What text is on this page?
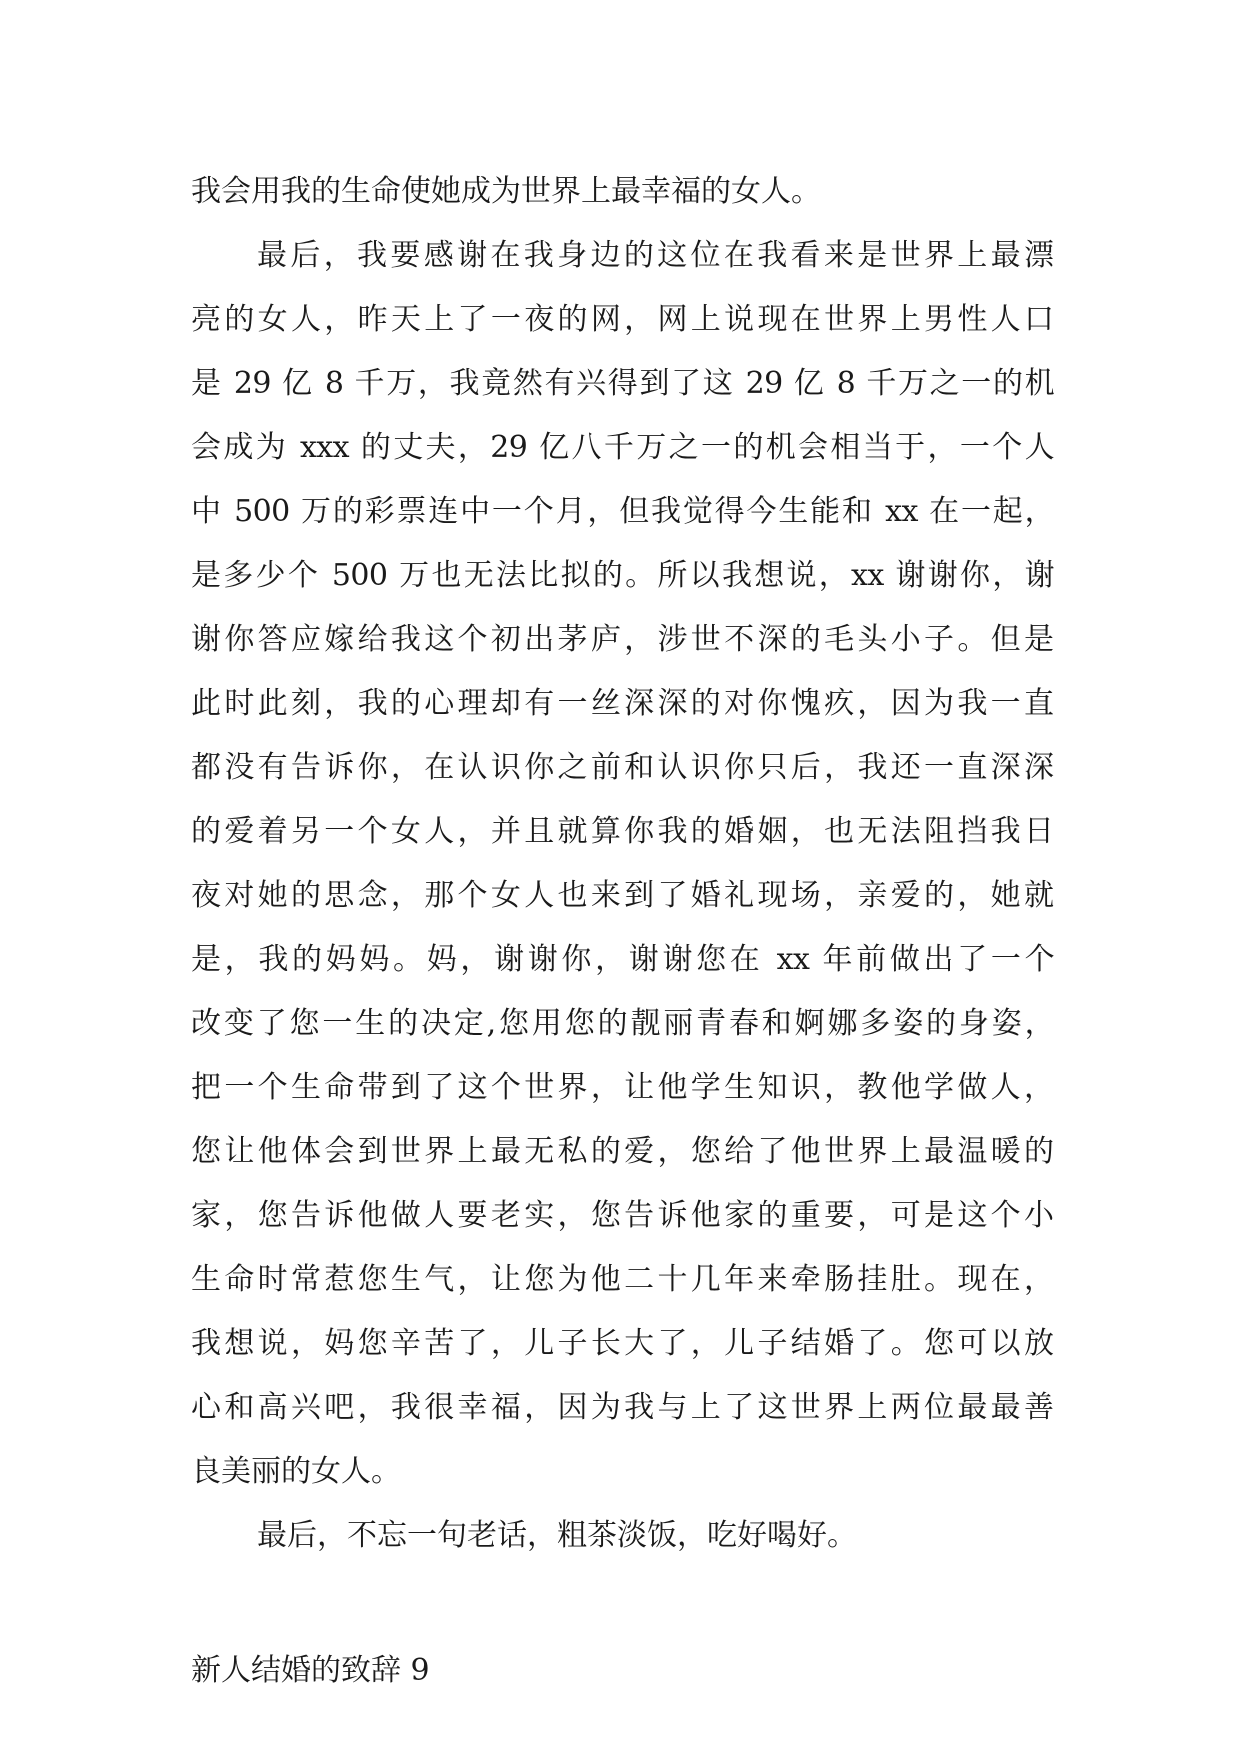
我会用我的生命使她成为世界上最幸福的女人。
最后，我要感谢在我身边的这位在我看来是世界上最漂
亮的女人，昨天上了一夜的网，网上说现在世界上男性人口
是 29 亿 8 千万，我竟然有兴得到了这 29 亿 8 千万之一的机
会成为 xxx 的丈夫，29 亿八千万之一的机会相当于，一个人
中 500 万的彩票连中一个月，但我觉得今生能和 xx 在一起，
是多少个 500 万也无法比拟的。所以我想说，xx 谢谢你，谢
谢你答应嫁给我这个初出茅庐，涉世不深的毛头小子。但是
此时此刻，我的心理却有一丝深深的对你愧疚，因为我一直
都没有告诉你，在认识你之前和认识你只后，我还一直深深
的爱着另一个女人，并且就算你我的婚姻，也无法阻挡我日
夜对她的思念，那个女人也来到了婚礼现场，亲爱的，她就
是，我的妈妈。妈，谢谢你，谢谢您在 xx 年前做出了一个
改变了您一生的决定,您用您的靓丽青春和婀娜多姿的身姿，
把一个生命带到了这个世界，让他学生知识，教他学做人，
您让他体会到世界上最无私的爱，您给了他世界上最温暖的
家，您告诉他做人要老实，您告诉他家的重要，可是这个小
生命时常惹您生气，让您为他二十几年来牵肠挂肚。现在，
我想说，妈您辛苦了，儿子长大了，儿子结婚了。您可以放
心和高兴吧，我很幸福，因为我与上了这世界上两位最最善
良美丽的女人。
最后，不忘一句老话，粗茶淡饭，吃好喝好。
新人结婚的致辞 9
